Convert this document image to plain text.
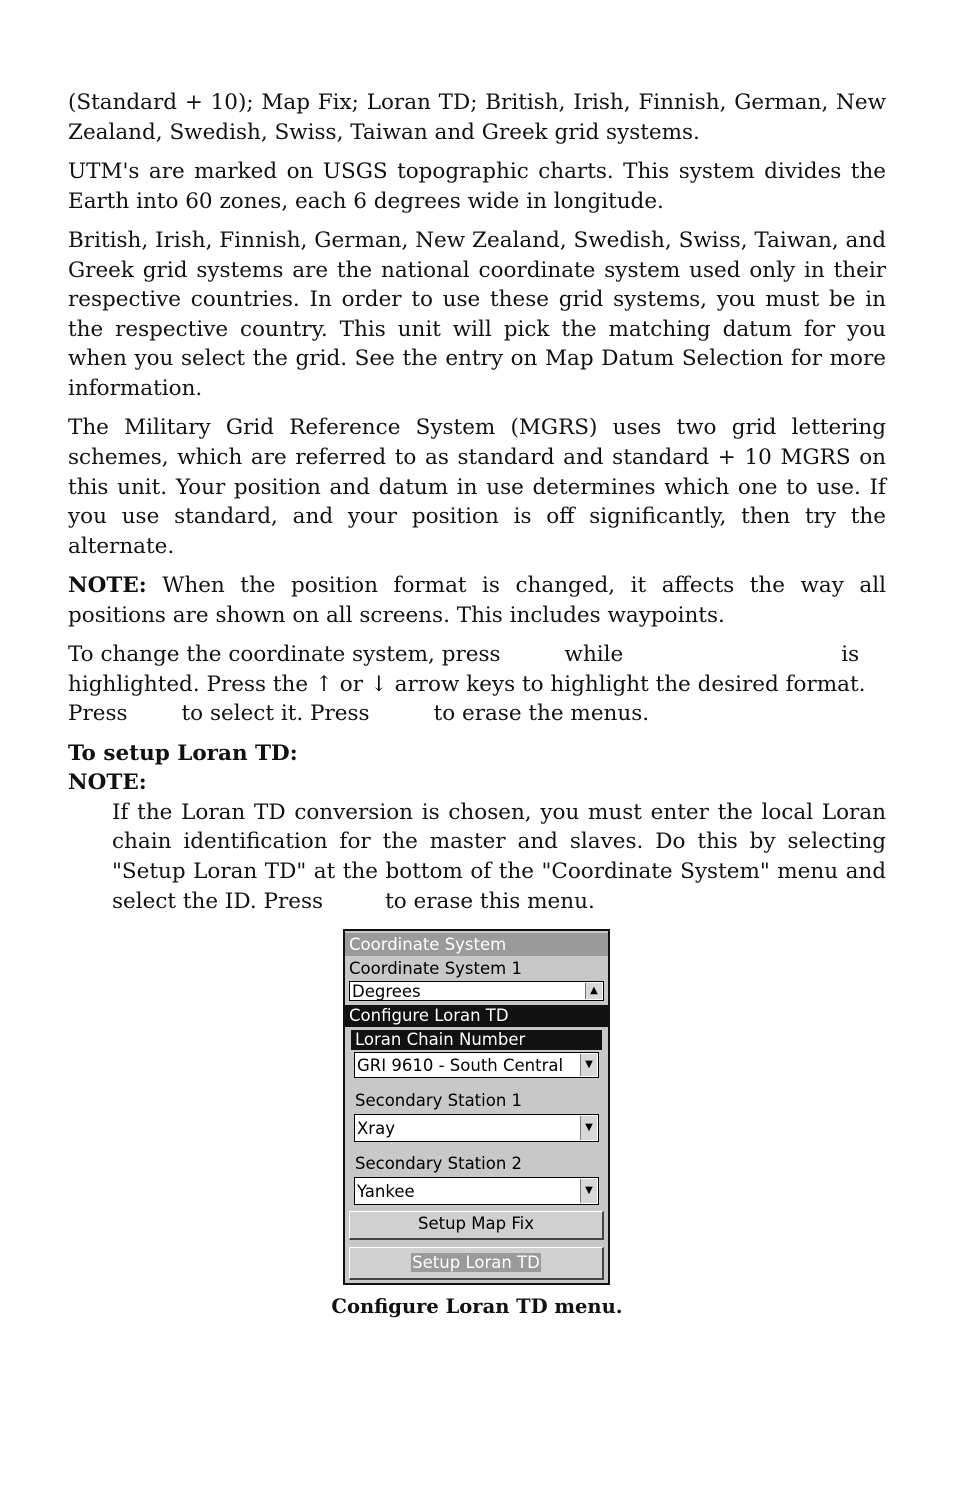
(Standard + 10); Map Fix; Loran TD; British, Irish, Finnish, German, New Zealand, Swedish, Swiss, Taiwan and Greek grid systems.

UTM's are marked on USGS topographic charts. This system divides the Earth into 60 zones, each 6 degrees wide in longitude.

British, Irish, Finnish, German, New Zealand, Swedish, Swiss, Taiwan, and Greek grid systems are the national coordinate system used only in their respective countries. In order to use these grid systems, you must be in the respective country. This unit will pick the matching datum for you when you select the grid. See the entry on Map Datum Selection for more information.

The Military Grid Reference System (MGRS) uses two grid lettering schemes, which are referred to as standard and standard + 10 MGRS on this unit. Your position and datum in use determines which one to use. If you use standard, and your position is off significantly, then try the alternate.

NOTE: When the position format is changed, it affects the way all positions are shown on all screens. This includes waypoints.

To change the coordinate system, press	while	is
highlighted. Press the ↑ or ↓ arrow keys to highlight the desired format. Press	to select it. Press	to erase the menus.

To setup Loran TD:
NOTE:
If the Loran TD conversion is chosen, you must enter the local Loran chain identification for the master and slaves. Do this by selecting "Setup Loran TD" at the bottom of the "Coordinate System" menu and select the ID. Press	to erase this menu.
Coordinate System
Coordinate System 1
Degrees	▲
Configure Loran TD
Loran Chain Number
GRI 9610 - South Central	▼
Secondary Station 1
Xray	▼
Secondary Station 2
Yankee	▼
Setup Map Fix
Setup Loran TD
Configure Loran TD menu.
